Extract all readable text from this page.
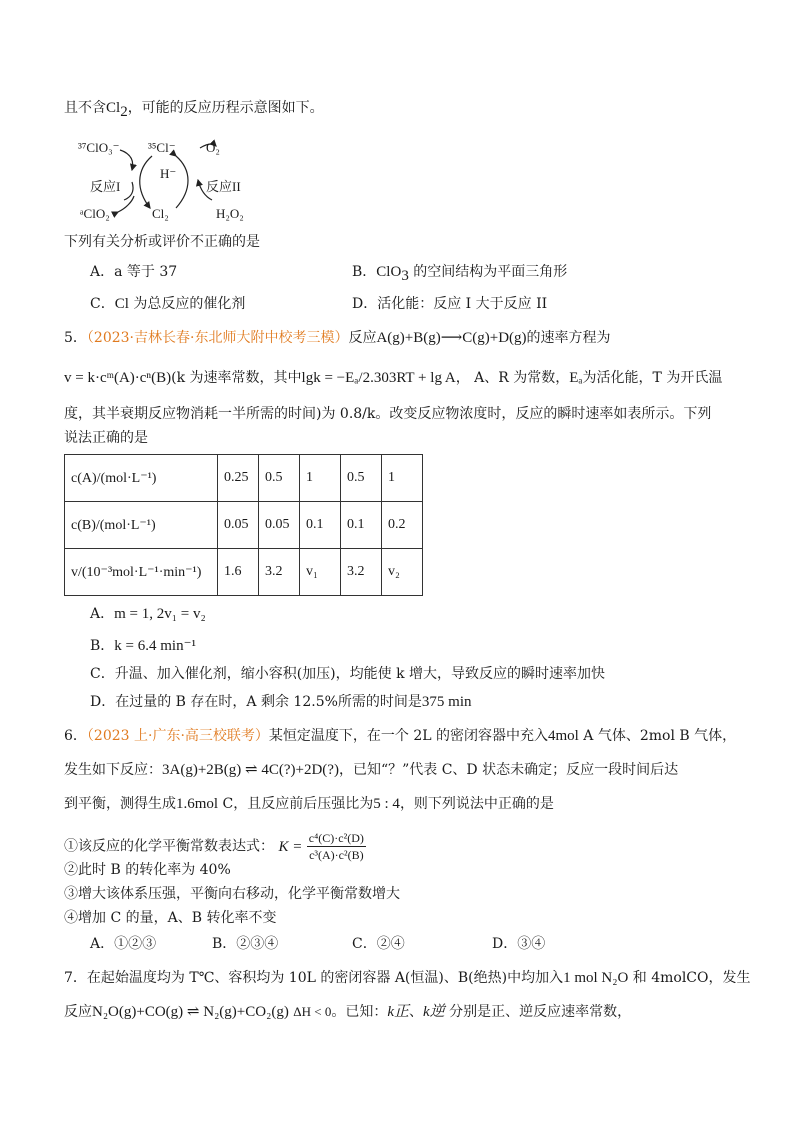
且不含$Cl_2$，可能的反应历程示意图如下。
³⁷ClO₃⁻ ³⁵Cl⁻ O₂
H⁻
反应I	反应II
ᵃClO₂	Cl₂	H₂O₂
下列有关分析或评价不正确的是
A．a 等于 37	B．ClO$_3$ 的空间结构为平面三角形
C．Cl 为总反应的催化剂	D．活化能：反应 I 大于反应 II
5．（2023·吉林长春·东北师大附中校考三模）反应A(g)+B(g)⟶C(g)+D(g)的速率方程为
v = k·cᵐ(A)·cⁿ(B)(k 为速率常数，其中lgk = −Eₐ/2.303RT + lg A， A、R 为常数，Eₐ为活化能，T 为开氏温
度，其半衰期反应物消耗一半所需的时间)为 0.8/k。改变反应物浓度时，反应的瞬时速率如表所示。下列
说法正确的是
c(A)/(mol·L⁻¹)	0.25	0.5	1	0.5	1
c(B)/(mol·L⁻¹)	0.05	0.05	0.1	0.1	0.2
v/(10⁻³mol·L⁻¹·min⁻¹)	1.6	3.2	v₁	3.2	v₂
A．m = 1, 2v₁ = v₂
B．k = 6.4 min⁻¹
C．升温、加入催化剂，缩小容积(加压)，均能使 k 增大，导致反应的瞬时速率加快
D．在过量的 B 存在时，A 剩余 12.5%所需的时间是375 min
6．（2023 上·广东·高三校联考）某恒定温度下，在一个 2L 的密闭容器中充入4mol A 气体、2mol B 气体，
发生如下反应：3A(g)+2B(g) ⇌ 4C(?)+2D(?)，已知“？”代表 C、D 状态未确定；反应一段时间后达
到平衡，测得生成1.6mol C，且反应前后压强比为5 : 4，则下列说法中正确的是
①该反应的化学平衡常数表达式： $K = \frac{\text{c⁴(C)·c²(D)}}{\text{c³(A)·c²(B)}}$
②此时 B 的转化率为 40%
③增大该体系压强，平衡向右移动，化学平衡常数增大
④增加 C 的量，A、B 转化率不变
A．①②③	B．②③④	C．②④	D．③④
7．在起始温度均为 T℃、容积均为 10L 的密闭容器 A(恒温)、B(绝热)中均加入1 mol N₂O 和 4molCO，发生
反应N₂O(g)+CO(g) ⇌ N₂(g)+CO₂(g) ΔH < 0。已知：k正、k逆 分别是正、逆反应速率常数，
